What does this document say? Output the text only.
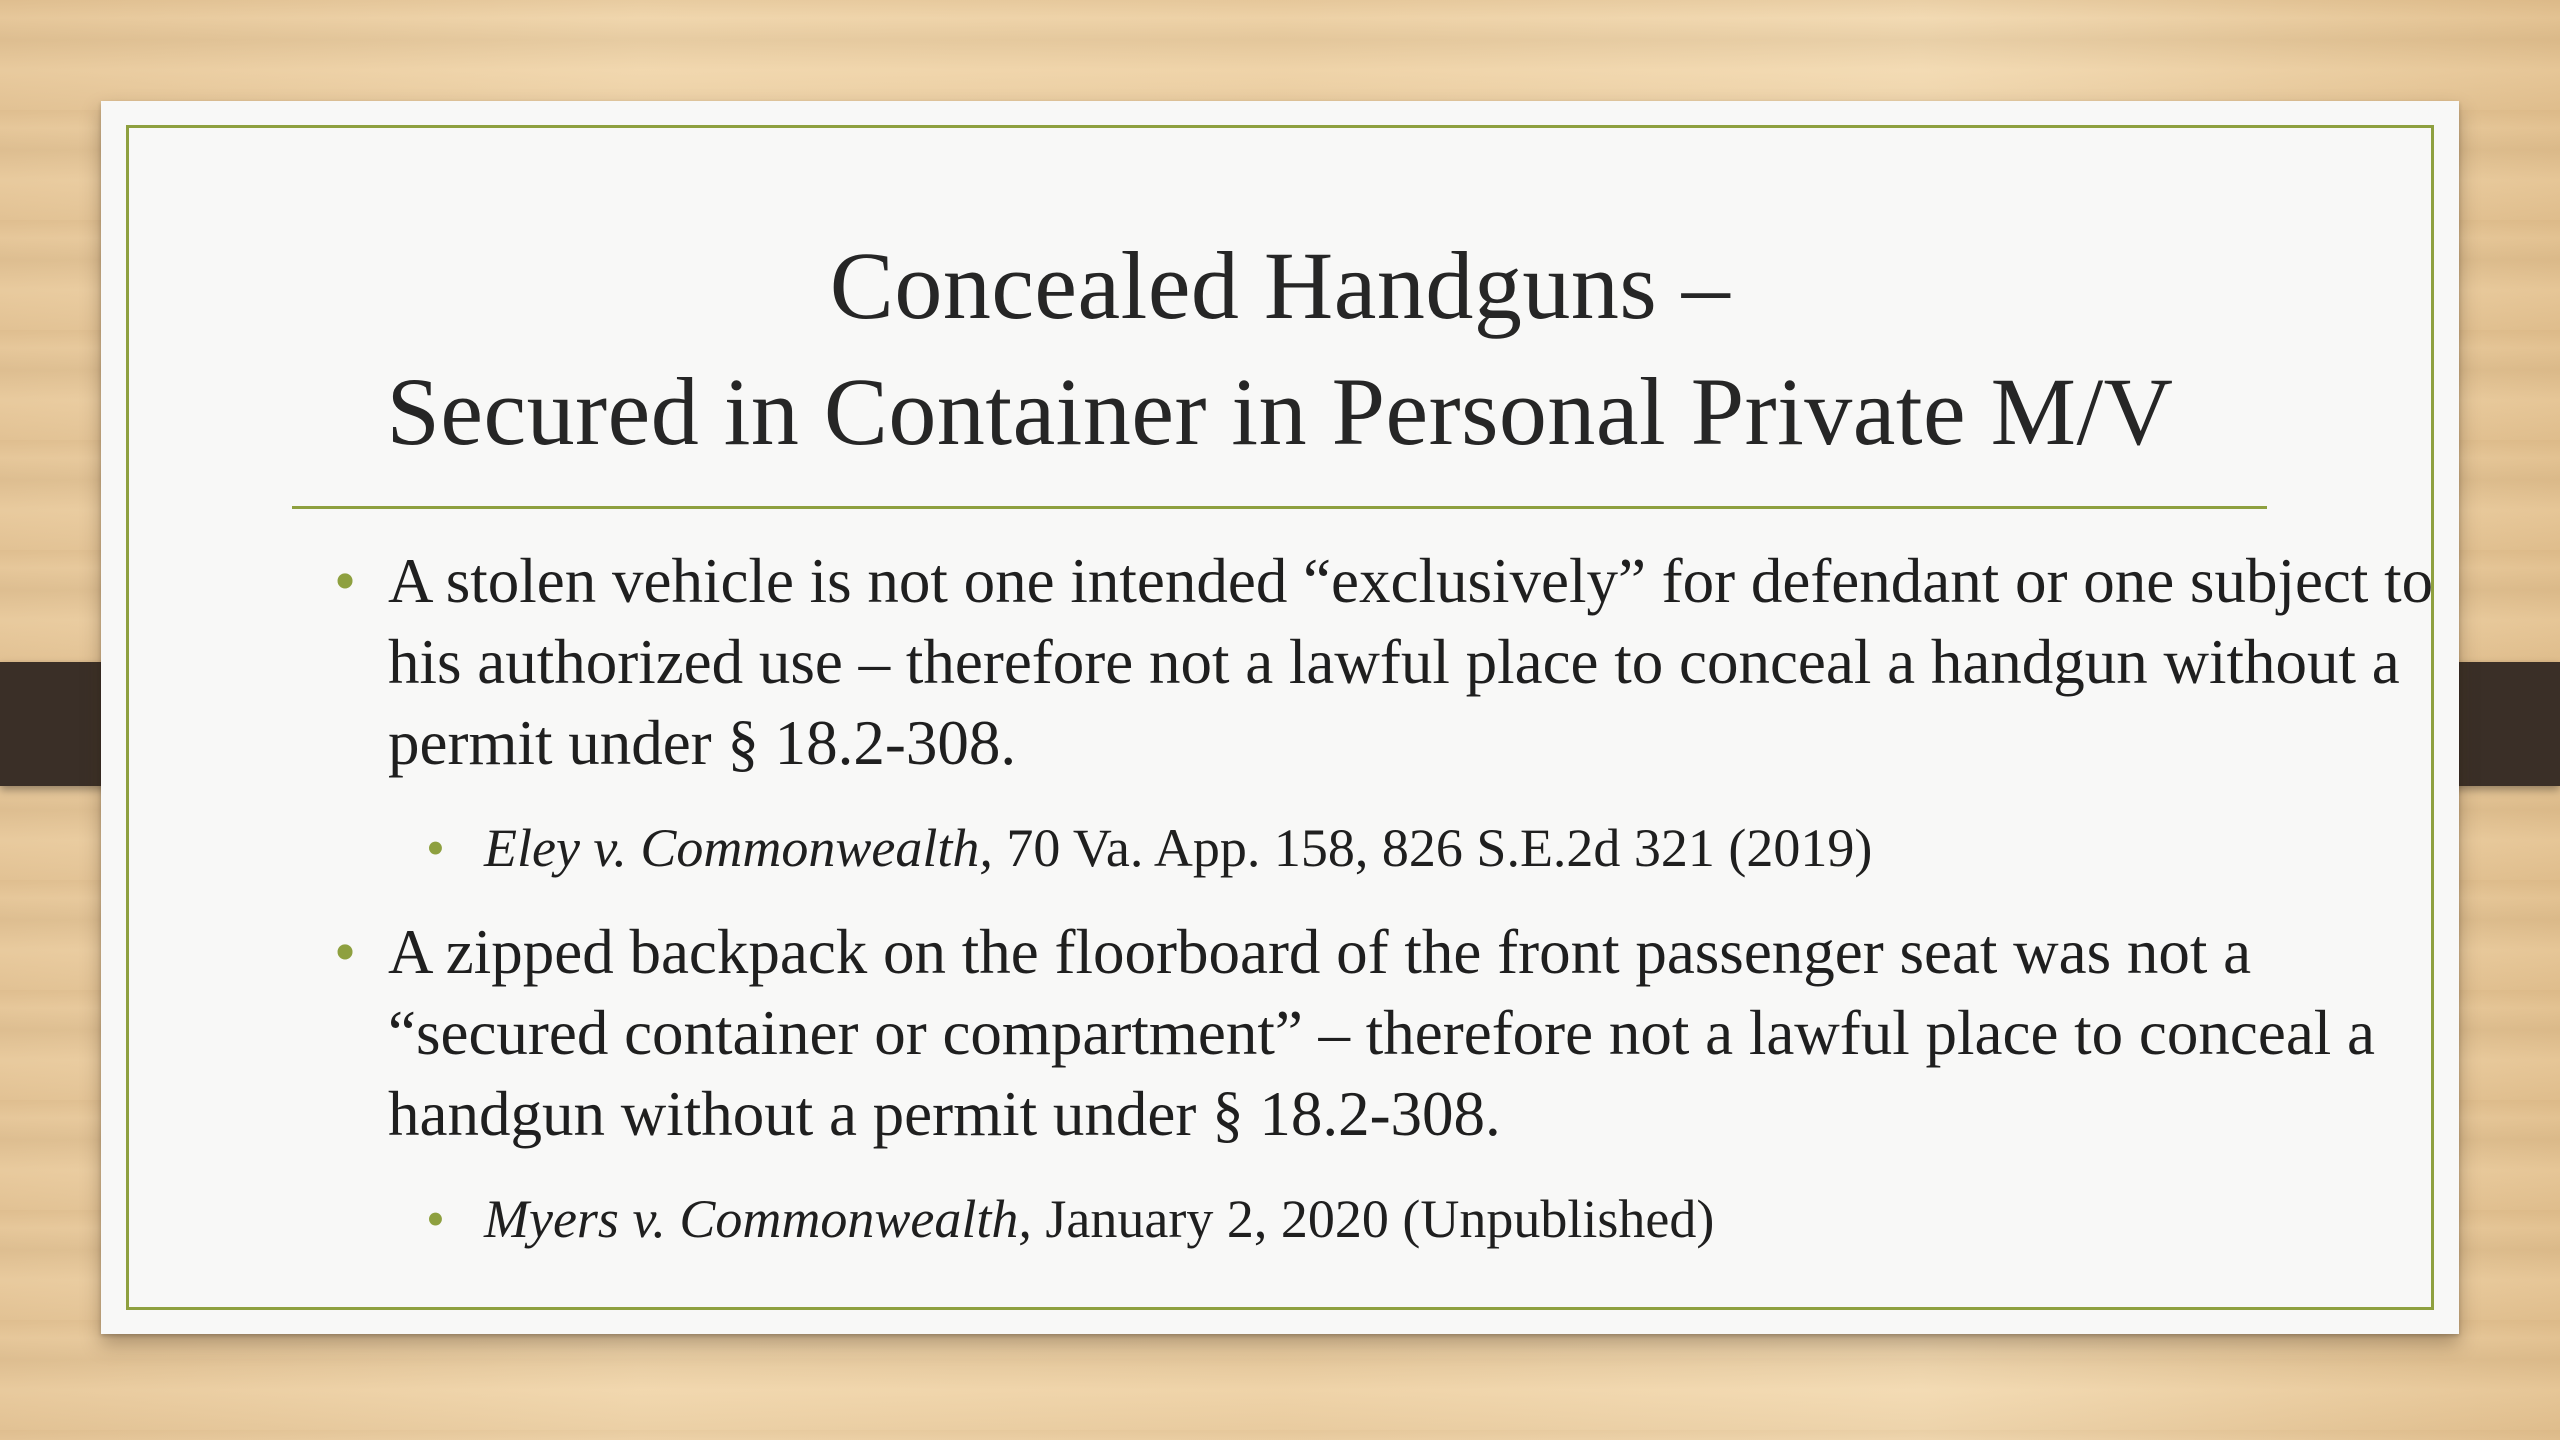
Concealed Handguns –
Secured in Container in Personal Private M/V
• A stolen vehicle is not one intended “exclusively” for defendant or one subject to his authorized use – therefore not a lawful place to conceal a handgun without a permit under § 18.2-308.
• Eley v. Commonwealth, 70 Va. App. 158, 826 S.E.2d 321 (2019)
• A zipped backpack on the floorboard of the front passenger seat was not a “secured container or compartment” – therefore not a lawful place to conceal a handgun without a permit under § 18.2-308.
• Myers v. Commonwealth, January 2, 2020 (Unpublished)
